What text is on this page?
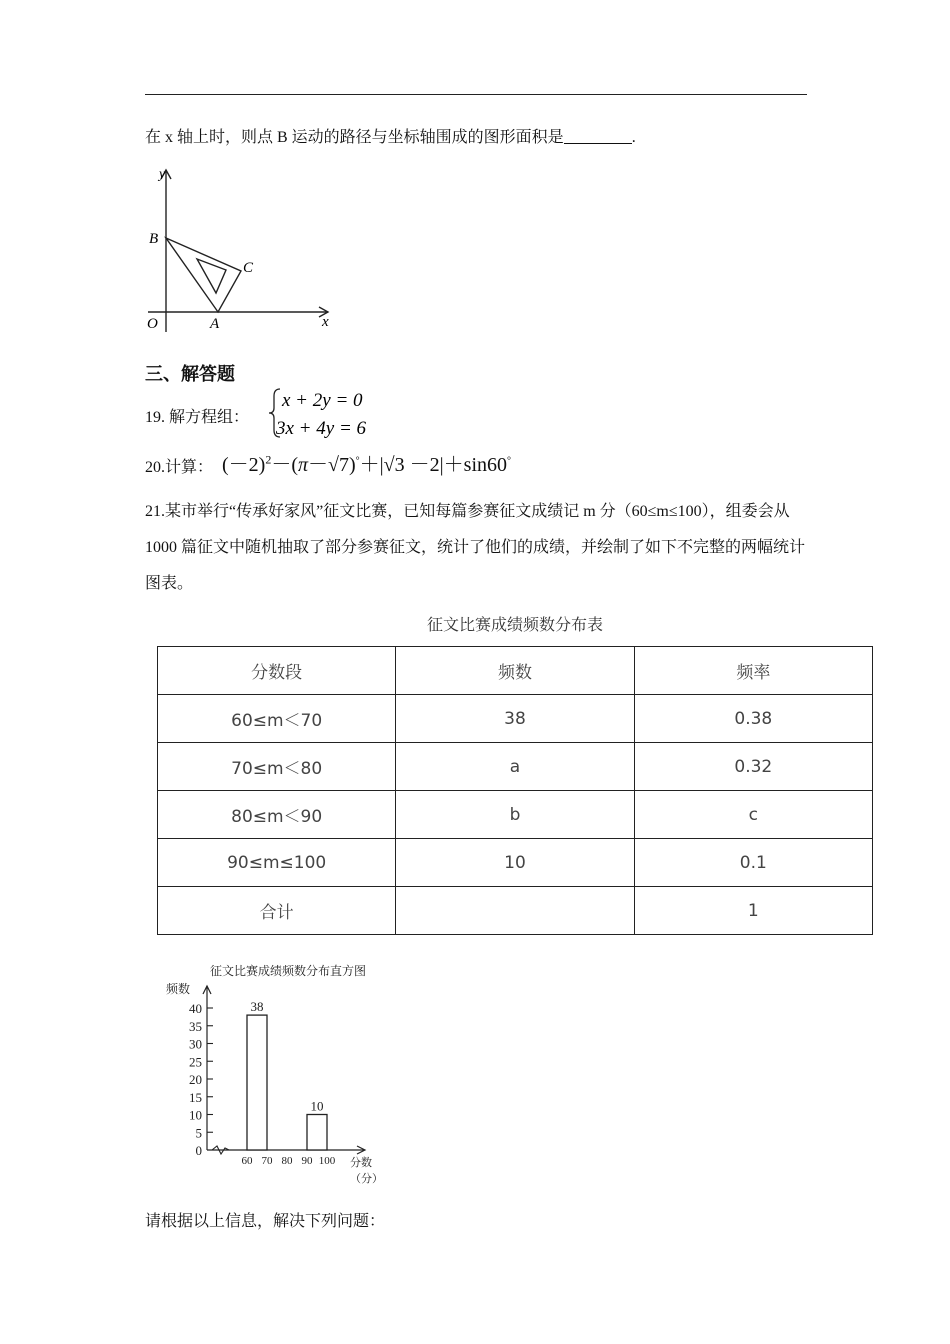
在 x 轴上时，则点 B 运动的路径与坐标轴围成的图形面积是	.
y
B
C
O	A	x
三、解答题
19. 解方程组：
x + 2y = 0
3x + 4y = 6
20.计算： $(-2)^2-(\pi-√7)^\circ+|√3 -2|+\sin 60^\circ$
21.某市举行“传承好家风”征文比赛，已知每篇参赛征文成绩记 m 分（60≤m≤100），组委会从 1000 篇征文中随机抽取了部分参赛征文，统计了他们的成绩，并绘制了如下不完整的两幅统计图表。
征文比赛成绩频数分布表
分数段	频数	频率
60≤m＜70	38	0.38
70≤m＜80	a	0.32
80≤m＜90	b	c
90≤m≤100	10	0.1
合计		1
征文比赛成绩频数分布直方图
频数
分数
（分）
0
5
10
15
20
25
30
35
40
60 70 80 90 100
38
10
请根据以上信息，解决下列问题：
